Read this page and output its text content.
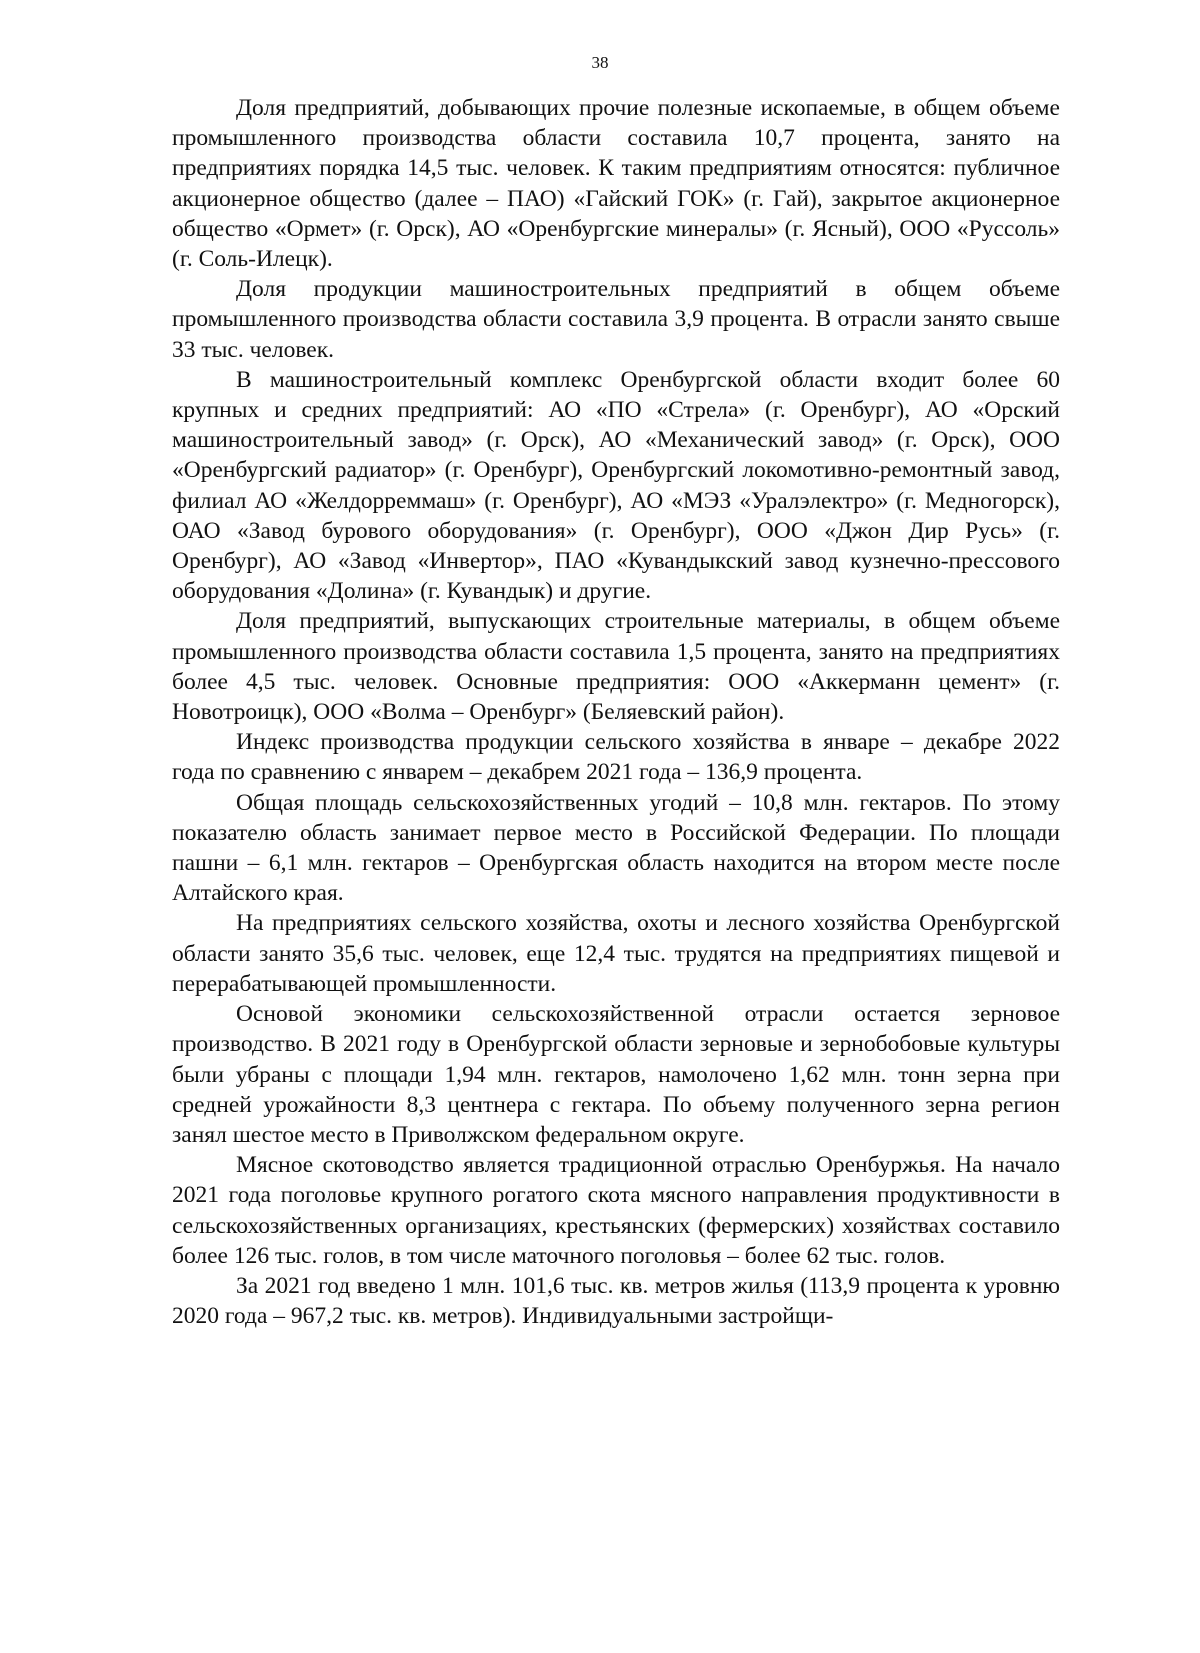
38

Доля предприятий, добывающих прочие полезные ископаемые, в общем объеме промышленного производства области составила 10,7 процента, занято на предприятиях порядка 14,5 тыс. человек. К таким предприятиям относятся: публичное акционерное общество (далее – ПАО) «Гайский ГОК» (г. Гай), закрытое акционерное общество «Ормет» (г. Орск), АО «Оренбургские минералы» (г. Ясный), ООО «Руссоль» (г. Соль-Илецк).

Доля продукции машиностроительных предприятий в общем объеме промышленного производства области составила 3,9 процента. В отрасли занято свыше 33 тыс. человек.

В машиностроительный комплекс Оренбургской области входит более 60 крупных и средних предприятий: АО «ПО «Стрела» (г. Оренбург), АО «Орский машиностроительный завод» (г. Орск), АО «Механический завод» (г. Орск), ООО «Оренбургский радиатор» (г. Оренбург), Оренбургский локомотивно-ремонтный завод, филиал АО «Желдорреммаш» (г. Оренбург), АО «МЭЗ «Уралэлектро» (г. Медногорск), ОАО «Завод бурового оборудования» (г. Оренбург), ООО «Джон Дир Русь» (г. Оренбург), АО «Завод «Инвертор», ПАО «Кувандыкский завод кузнечно-прессового оборудования «Долина» (г. Кувандык) и другие.

Доля предприятий, выпускающих строительные материалы, в общем объеме промышленного производства области составила 1,5 процента, занято на предприятиях более 4,5 тыс. человек. Основные предприятия: ООО «Аккерманн цемент» (г. Новотроицк), ООО «Волма – Оренбург» (Беляевский район).

Индекс производства продукции сельского хозяйства в январе – декабре 2022 года по сравнению с январем – декабрем 2021 года – 136,9 процента.

Общая площадь сельскохозяйственных угодий – 10,8 млн. гектаров. По этому показателю область занимает первое место в Российской Федерации. По площади пашни – 6,1 млн. гектаров – Оренбургская область находится на втором месте после Алтайского края.

На предприятиях сельского хозяйства, охоты и лесного хозяйства Оренбургской области занято 35,6 тыс. человек, еще 12,4 тыс. трудятся на предприятиях пищевой и перерабатывающей промышленности.

Основой экономики сельскохозяйственной отрасли остается зерновое производство. В 2021 году в Оренбургской области зерновые и зернобобовые культуры были убраны с площади 1,94 млн. гектаров, намолочено 1,62 млн. тонн зерна при средней урожайности 8,3 центнера с гектара. По объему полученного зерна регион занял шестое место в Приволжском федеральном округе.

Мясное скотоводство является традиционной отраслью Оренбуржья. На начало 2021 года поголовье крупного рогатого скота мясного направления продуктивности в сельскохозяйственных организациях, крестьянских (фермерских) хозяйствах составило более 126 тыс. голов, в том числе маточного поголовья – более 62 тыс. голов.

За 2021 год введено 1 млн. 101,6 тыс. кв. метров жилья (113,9 процента к уровню 2020 года – 967,2 тыс. кв. метров). Индивидуальными застройщи-
